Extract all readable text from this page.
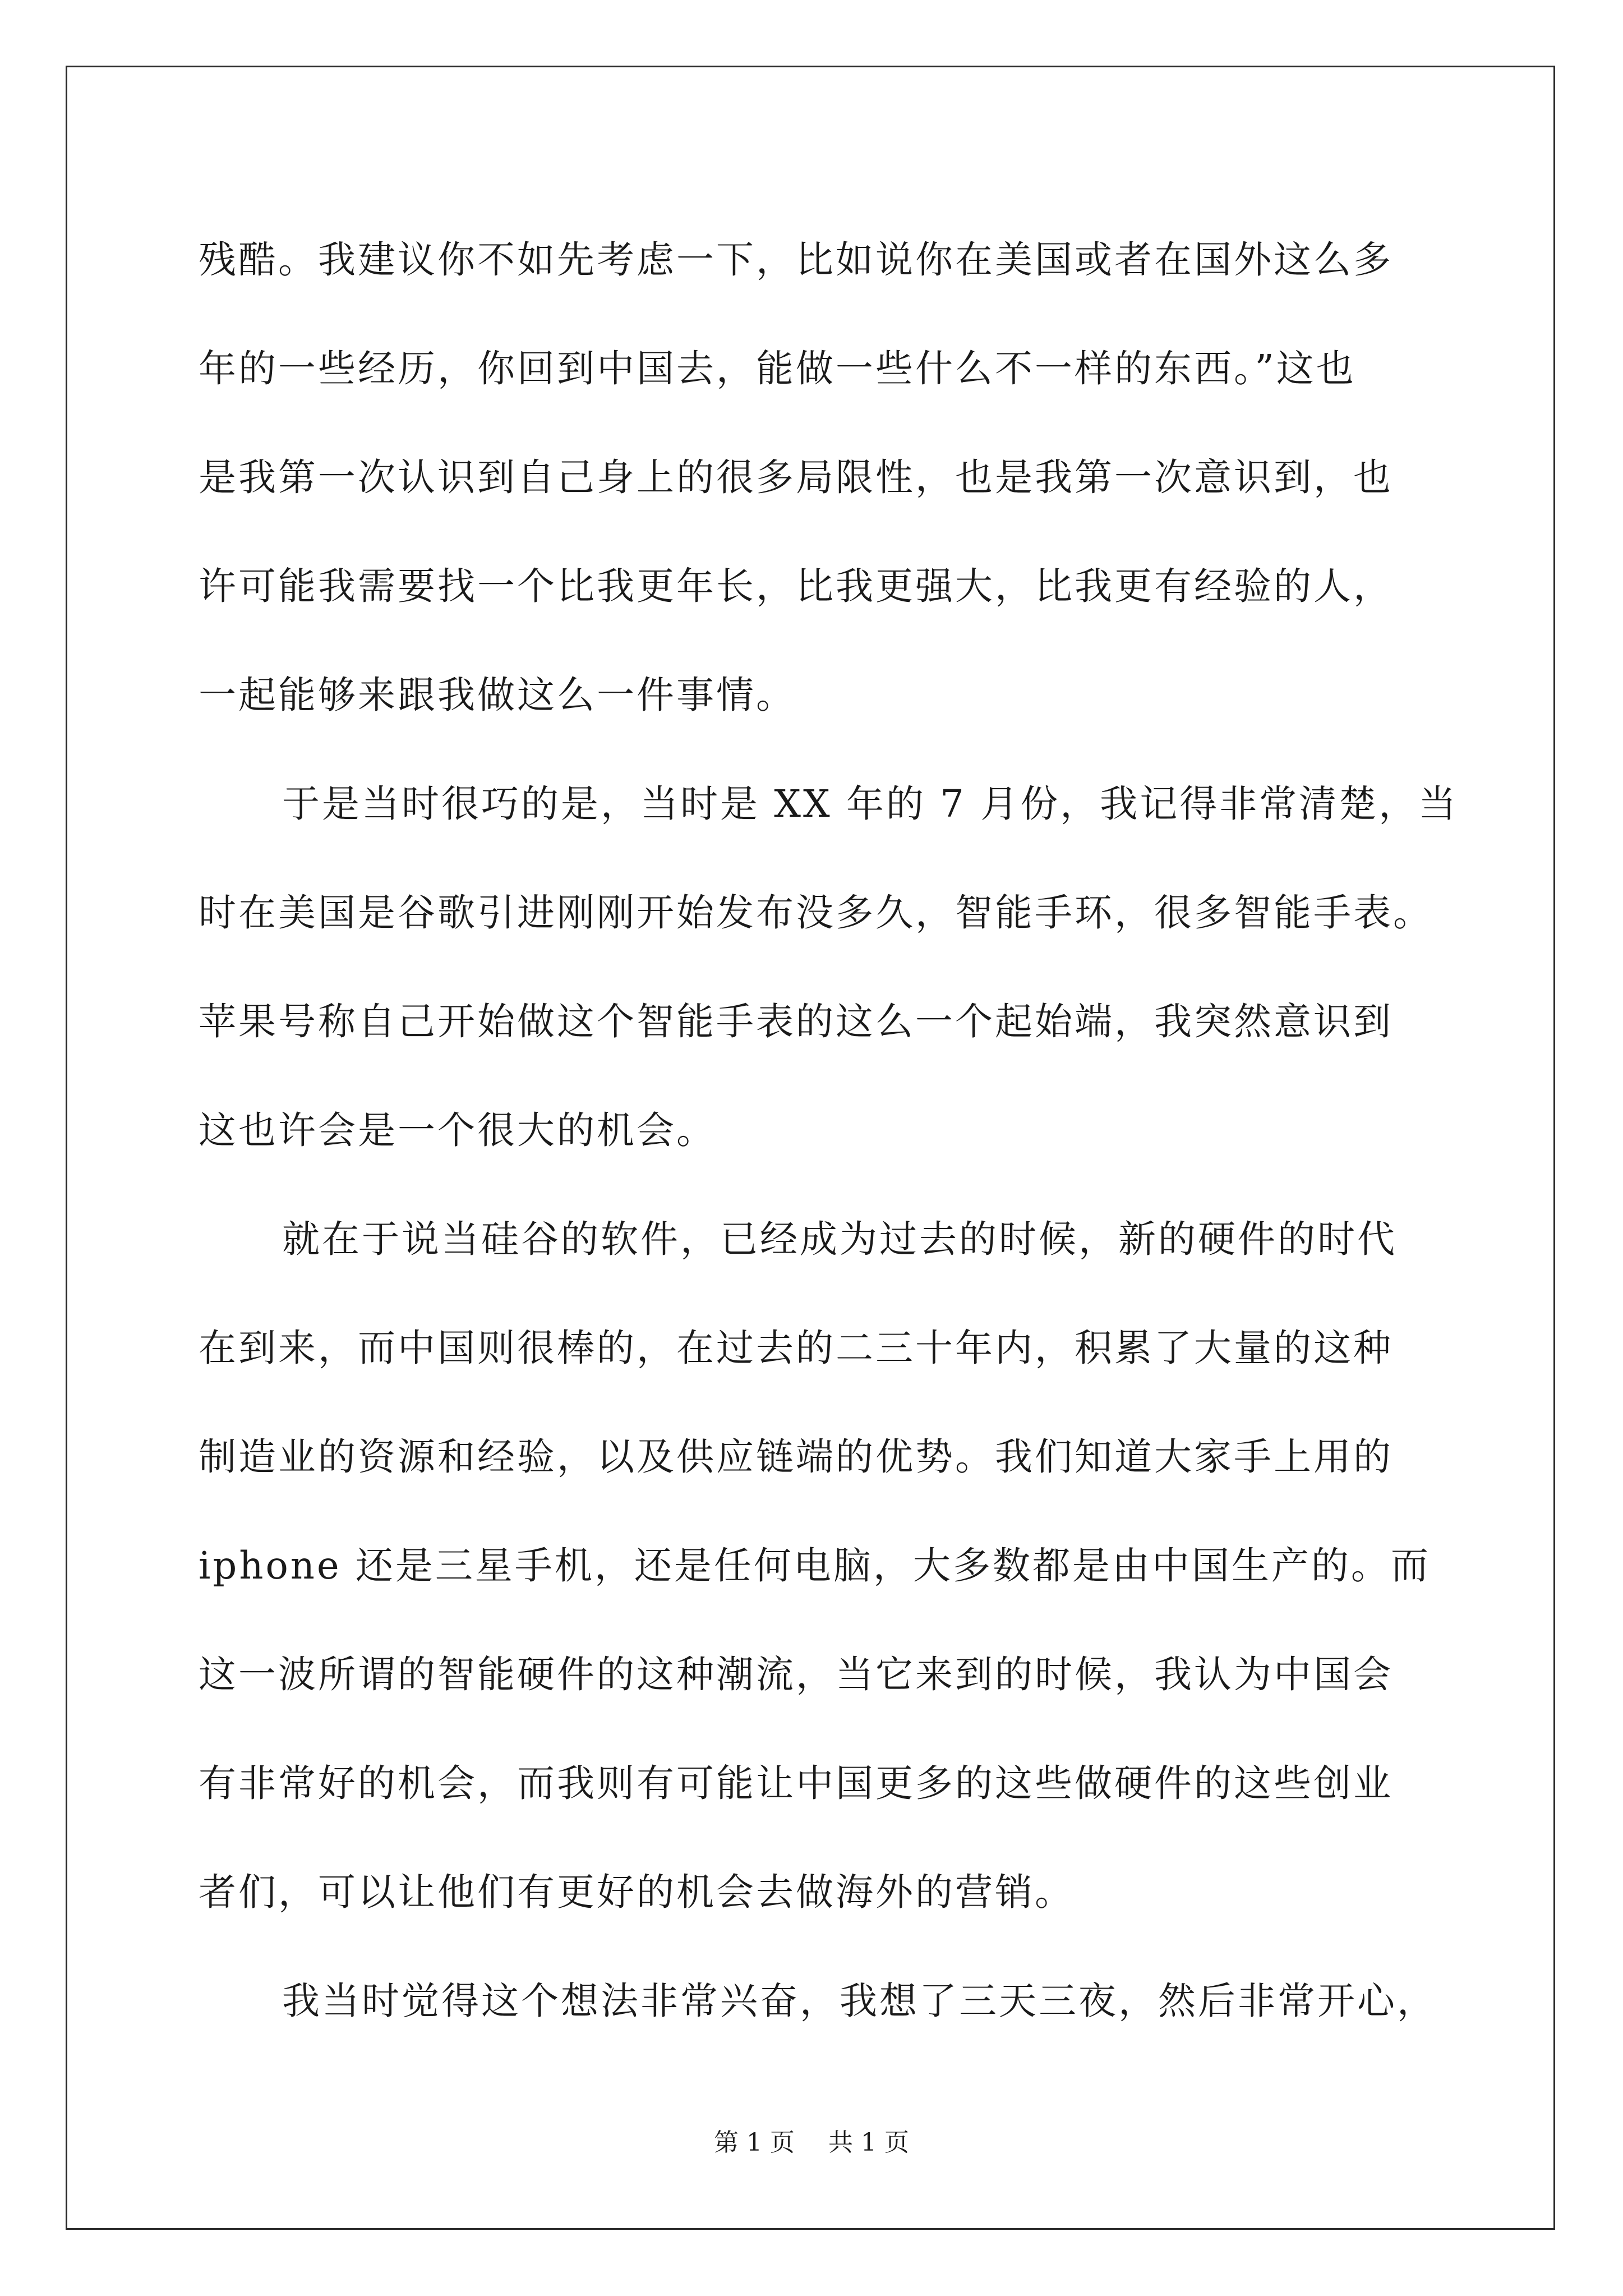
残酷。我建议你不如先考虑一下，比如说你在美国或者在国外这么多
年的一些经历，你回到中国去，能做一些什么不一样的东西。”这也
是我第一次认识到自己身上的很多局限性，也是我第一次意识到，也
许可能我需要找一个比我更年长，比我更强大，比我更有经验的人，
一起能够来跟我做这么一件事情。
于是当时很巧的是，当时是 XX 年的 7 月份，我记得非常清楚，当
时在美国是谷歌引进刚刚开始发布没多久，智能手环，很多智能手表。
苹果号称自己开始做这个智能手表的这么一个起始端，我突然意识到
这也许会是一个很大的机会。
就在于说当硅谷的软件，已经成为过去的时候，新的硬件的时代
在到来，而中国则很棒的，在过去的二三十年内，积累了大量的这种
制造业的资源和经验，以及供应链端的优势。我们知道大家手上用的
iphone 还是三星手机，还是任何电脑，大多数都是由中国生产的。而
这一波所谓的智能硬件的这种潮流，当它来到的时候，我认为中国会
有非常好的机会，而我则有可能让中国更多的这些做硬件的这些创业
者们，可以让他们有更好的机会去做海外的营销。
我当时觉得这个想法非常兴奋，我想了三天三夜，然后非常开心，
第 1 页 共 1 页
